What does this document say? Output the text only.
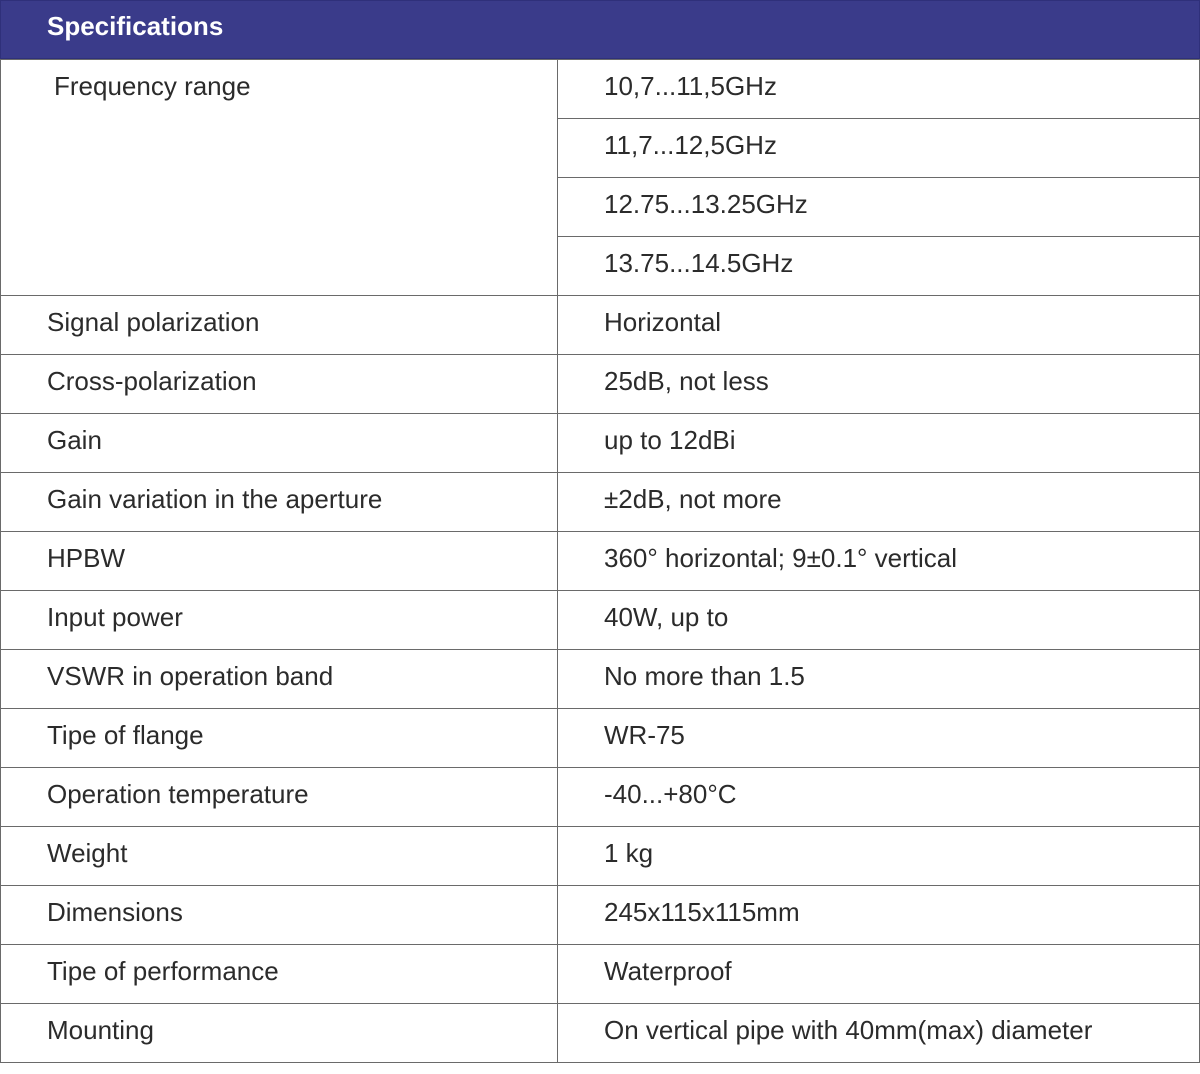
Specifications
Frequency range	10,7...11,5GHz
	11,7...12,5GHz
	12.75...13.25GHz
	13.75...14.5GHz
Signal polarization	Horizontal
Cross-polarization	25dB, not less
Gain	up to 12dBi
Gain variation in the aperture	±2dB, not more
HPBW	360° horizontal; 9±0.1° vertical
Input power	40W, up to
VSWR in operation band	No more than 1.5
Tipe of flange	WR-75
Operation temperature	-40...+80°C
Weight	1 kg
Dimensions	245x115x115mm
Tipe of performance	Waterproof
Mounting	On vertical pipe with 40mm(max) diameter
